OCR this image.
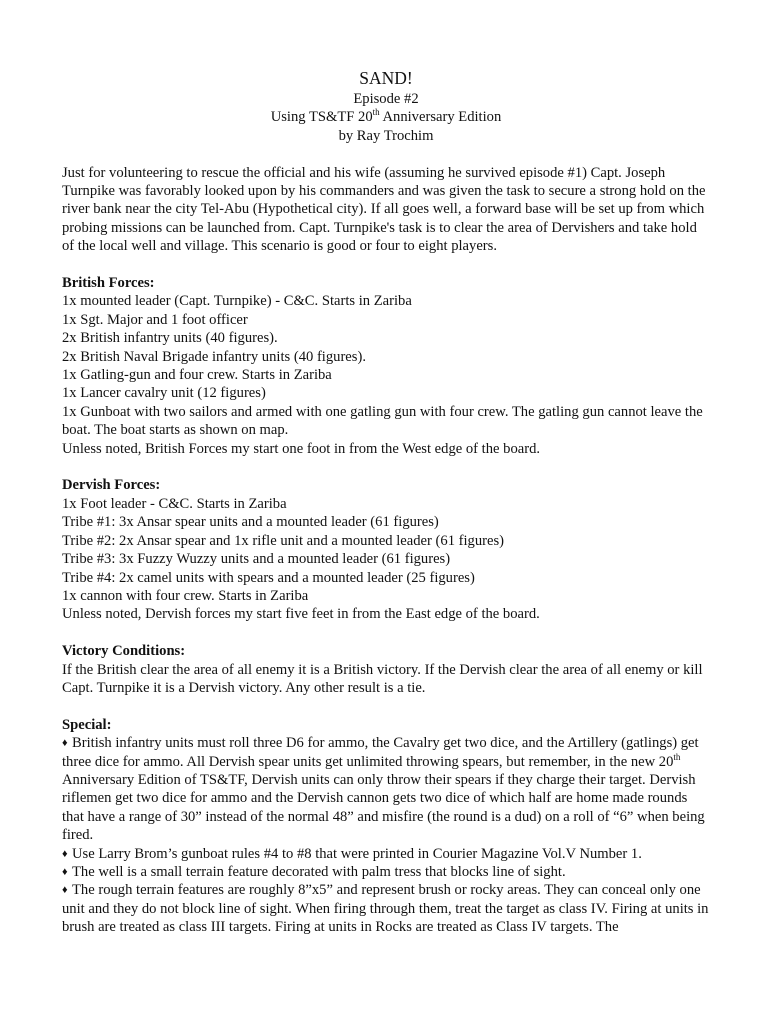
SAND!

Episode #2

Using TS&TF 20th Anniversary Edition

by Ray Trochim

Just for volunteering to rescue the official and his wife (assuming he survived episode #1) Capt. Joseph Turnpike was favorably looked upon by his commanders and was given the task to secure a strong hold on the river bank near the city Tel-Abu (Hypothetical city). If all goes well, a forward base will be set up from which probing missions can be launched from. Capt. Turnpike's task is to clear the area of Dervishers and take hold of the local well and village. This scenario is good or four to eight players.

British Forces:

1x mounted leader (Capt. Turnpike) - C&C. Starts in Zariba

1x Sgt. Major and 1 foot officer

2x British infantry units (40 figures).

2x British Naval Brigade infantry units (40 figures).

1x Gatling-gun and four crew. Starts in Zariba

1x Lancer cavalry unit (12 figures)

1x Gunboat with two sailors and armed with one gatling gun with four crew. The gatling gun cannot leave the boat. The boat starts as shown on map.

Unless noted, British Forces my start one foot in from the West edge of the board.

Dervish Forces:

1x Foot leader - C&C. Starts in Zariba

Tribe #1: 3x Ansar spear units and a mounted leader (61 figures)

Tribe #2: 2x Ansar spear and 1x rifle unit and a mounted leader (61 figures)

Tribe #3: 3x Fuzzy Wuzzy units and a mounted leader (61 figures)

Tribe #4: 2x camel units with spears and a mounted leader (25 figures)

1x cannon with four crew. Starts in Zariba

Unless noted, Dervish forces my start five feet in from the East edge of the board.

Victory Conditions:

If the British clear the area of all enemy it is a British victory. If the Dervish clear the area of all enemy or kill Capt. Turnpike it is a Dervish victory. Any other result is a tie.

Special:

♦ British infantry units must roll three D6 for ammo, the Cavalry get two dice, and the Artillery (gatlings) get three dice for ammo. All Dervish spear units get unlimited throwing spears, but remember, in the new 20th Anniversary Edition of TS&TF, Dervish units can only throw their spears if they charge their target. Dervish riflemen get two dice for ammo and the Dervish cannon gets two dice of which half are home made rounds that have a range of 30” instead of the normal 48” and misfire (the round is a dud) on a roll of “6” when being fired.

♦ Use Larry Brom’s gunboat rules #4 to #8 that were printed in Courier Magazine Vol.V Number 1.

♦ The well is a small terrain feature decorated with palm tress that blocks line of sight.

♦ The rough terrain features are roughly 8”x5” and represent brush or rocky areas. They can conceal only one unit and they do not block line of sight. When firing through them, treat the target as class IV. Firing at units in brush are treated as class III targets. Firing at units in Rocks are treated as Class IV targets. The
